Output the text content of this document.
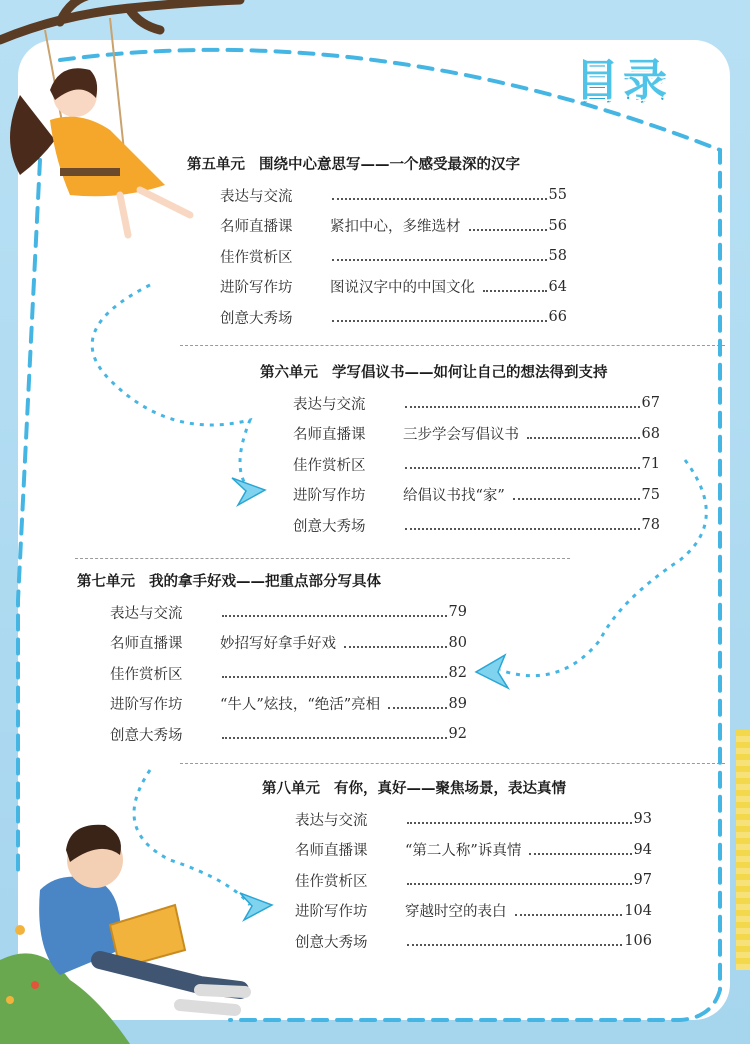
目录
第五单元 围绕中心意思写——一个感受最深的汉字
表达与交流	55
名师直播课	紧扣中心，多维选材	56
佳作赏析区	58
进阶写作坊	图说汉字中的中国文化	64
创意大秀场	66
第六单元 学写倡议书——如何让自己的想法得到支持
表达与交流	67
名师直播课	三步学会写倡议书	68
佳作赏析区	71
进阶写作坊	给倡议书找“家”	75
创意大秀场	78
第七单元 我的拿手好戏——把重点部分写具体
表达与交流	79
名师直播课	妙招写好拿手好戏	80
佳作赏析区	82
进阶写作坊	“牛人”炫技，“绝活”亮相	89
创意大秀场	92
第八单元 有你，真好——聚焦场景，表达真情
表达与交流	93
名师直播课	“第二人称”诉真情	94
佳作赏析区	97
进阶写作坊	穿越时空的表白	104
创意大秀场	106
